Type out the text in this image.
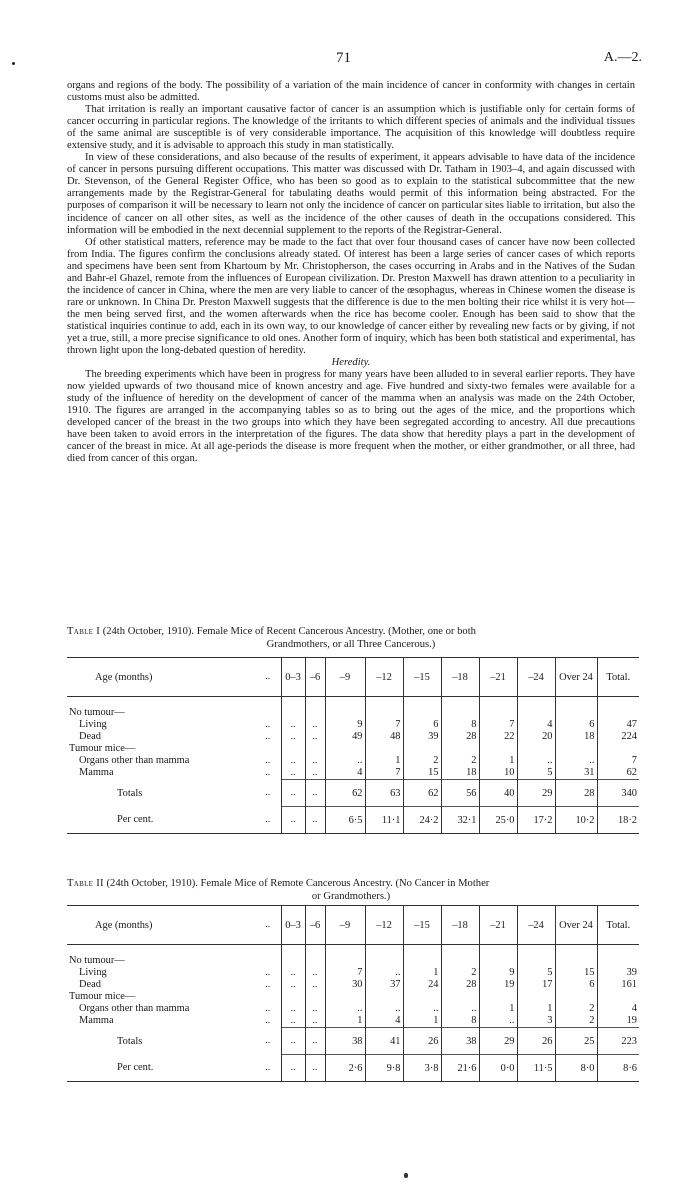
71	A.—2.

organs and regions of the body. The possibility of a variation of the main incidence of cancer in conformity with changes in certain customs must also be admitted.

That irritation is really an important causative factor of cancer is an assumption which is justifiable only for certain forms of cancer occurring in particular regions. The knowledge of the irritants to which different species of animals and the individual tissues of the same animal are susceptible is of very considerable importance. The acquisition of this knowledge will doubtless require extensive study, and it is advisable to approach this study in man statistically.

In view of these considerations, and also because of the results of experiment, it appears advisable to have data of the incidence of cancer in persons pursuing different occupations. This matter was discussed with Dr. Tatham in 1903–4, and again discussed with Dr. Stevenson, of the General Register Office, who has been so good as to explain to the statistical subcommittee that the new arrangements made by the Registrar-General for tabulating deaths would permit of this information being abstracted. For the purposes of comparison it will be necessary to learn not only the incidence of cancer on particular sites liable to irritation, but also the incidence of cancer on all other sites, as well as the incidence of the other causes of death in the occupations considered. This information will be embodied in the next decennial supplement to the reports of the Registrar-General.

Of other statistical matters, reference may be made to the fact that over four thousand cases of cancer have now been collected from India. The figures confirm the conclusions already stated. Of interest has been a large series of cancer cases of which reports and specimens have been sent from Khartoum by Mr. Christopherson, the cases occurring in Arabs and in the Natives of the Sudan and Bahr-el Ghazel, remote from the influences of European civilization. Dr. Preston Maxwell has drawn attention to a peculiarity in the incidence of cancer in China, where the men are very liable to cancer of the œsophagus, whereas in Chinese women the disease is rare or unknown. In China Dr. Preston Maxwell suggests that the difference is due to the men bolting their rice whilst it is very hot—the men being served first, and the women afterwards when the rice has become cooler. Enough has been said to show that the statistical inquiries continue to add, each in its own way, to our knowledge of cancer either by revealing new facts or by giving, if not yet a true, still, a more precise significance to old ones. Another form of inquiry, which has been both statistical and experimental, has thrown light upon the long-debated question of heredity.

Heredity.

The breeding experiments which have been in progress for many years have been alluded to in several earlier reports. They have now yielded upwards of two thousand mice of known ancestry and age. Five hundred and sixty-two females were available for a study of the influence of heredity on the development of cancer of the mamma when an analysis was made on the 24th October, 1910. The figures are arranged in the accompanying tables so as to bring out the ages of the mice, and the proportions which developed cancer of the breast in the two groups into which they have been segregated according to ancestry. All due precautions have been taken to avoid errors in the interpretation of the figures. The data show that heredity plays a part in the development of cancer of the breast in mice. At all age-periods the disease is more frequent when the mother, or either grandmother, or all three, had died from cancer of this organ.

Table I (24th October, 1910). Female Mice of Recent Cancerous Ancestry. (Mother, one or both
Grandmothers, or all Three Cancerous.)
Age (months)	..	0–3	–6	–9	–12	–15	–18	–21	–24	Over 24	Total.

No tumour—											
Living	..	..	..	9	7	6	8	7	4	6	47
Dead	..	..	..	49	48	39	28	22	20	18	224
Tumour mice—											
Organs other than mamma	..	..	..	..	1	2	2	1	..	..	7
Mamma	..	..	..	4	7	15	18	10	5	31	62
Totals	..	..	..	62	63	62	56	40	29	28	340
Per cent.	..	..	..	6·5	11·1	24·2	32·1	25·0	17·2	10·2	18·2
Table II (24th October, 1910). Female Mice of Remote Cancerous Ancestry. (No Cancer in Mother
or Grandmothers.)
Age (months)	..	0–3	–6	–9	–12	–15	–18	–21	–24	Over 24	Total.

No tumour—											
Living	..	..	..	7	..	1	2	9	5	15	39
Dead	..	..	..	30	37	24	28	19	17	6	161
Tumour mice—											
Organs other than mamma	..	..	..	..	..	..	..	1	1	2	4
Mamma	..	..	..	1	4	1	8	..	3	2	19
Totals	..	..	..	38	41	26	38	29	26	25	223
Per cent.	..	..	..	2·6	9·8	3·8	21·6	0·0	11·5	8·0	8·6
